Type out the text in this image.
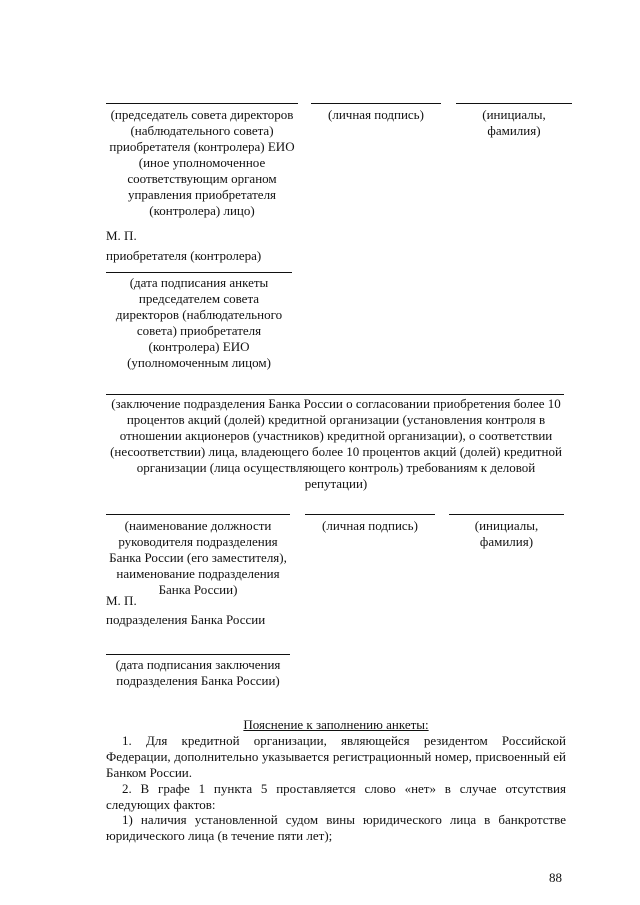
(председатель совета директоров
(наблюдательного совета)
приобретателя (контролера) ЕИО
(иное уполномоченное
соответствующим органом
управления приобретателя
(контролера) лицо)
(личная подпись)	(инициалы,
фамилия)
М. П.
приобретателя (контролера)
(дата подписания анкеты
председателем совета
директоров (наблюдательного
совета) приобретателя
(контролера) ЕИО
(уполномоченным лицом)
(заключение подразделения Банка России о согласовании приобретения более 10
процентов акций (долей) кредитной организации (установления контроля в
отношении акционеров (участников) кредитной организации), о соответствии
(несоответствии) лица, владеющего более 10 процентов акций (долей) кредитной
организации (лица осуществляющего контроль) требованиям к деловой
репутации)
(наименование должности
руководителя подразделения
Банка России (его заместителя),
наименование подразделения
Банка России)
(личная подпись)	(инициалы,
фамилия)
М. П.
подразделения Банка России
(дата подписания заключения
подразделения Банка России)
Пояснение к заполнению анкеты:
1. Для кредитной организации, являющейся резидентом Российской Федерации, дополнительно указывается регистрационный номер, присвоенный ей Банком России.
2. В графе 1 пункта 5 проставляется слово «нет» в случае отсутствия следующих фактов:
1) наличия установленной судом вины юридического лица в банкротстве юридического лица (в течение пяти лет);
88
